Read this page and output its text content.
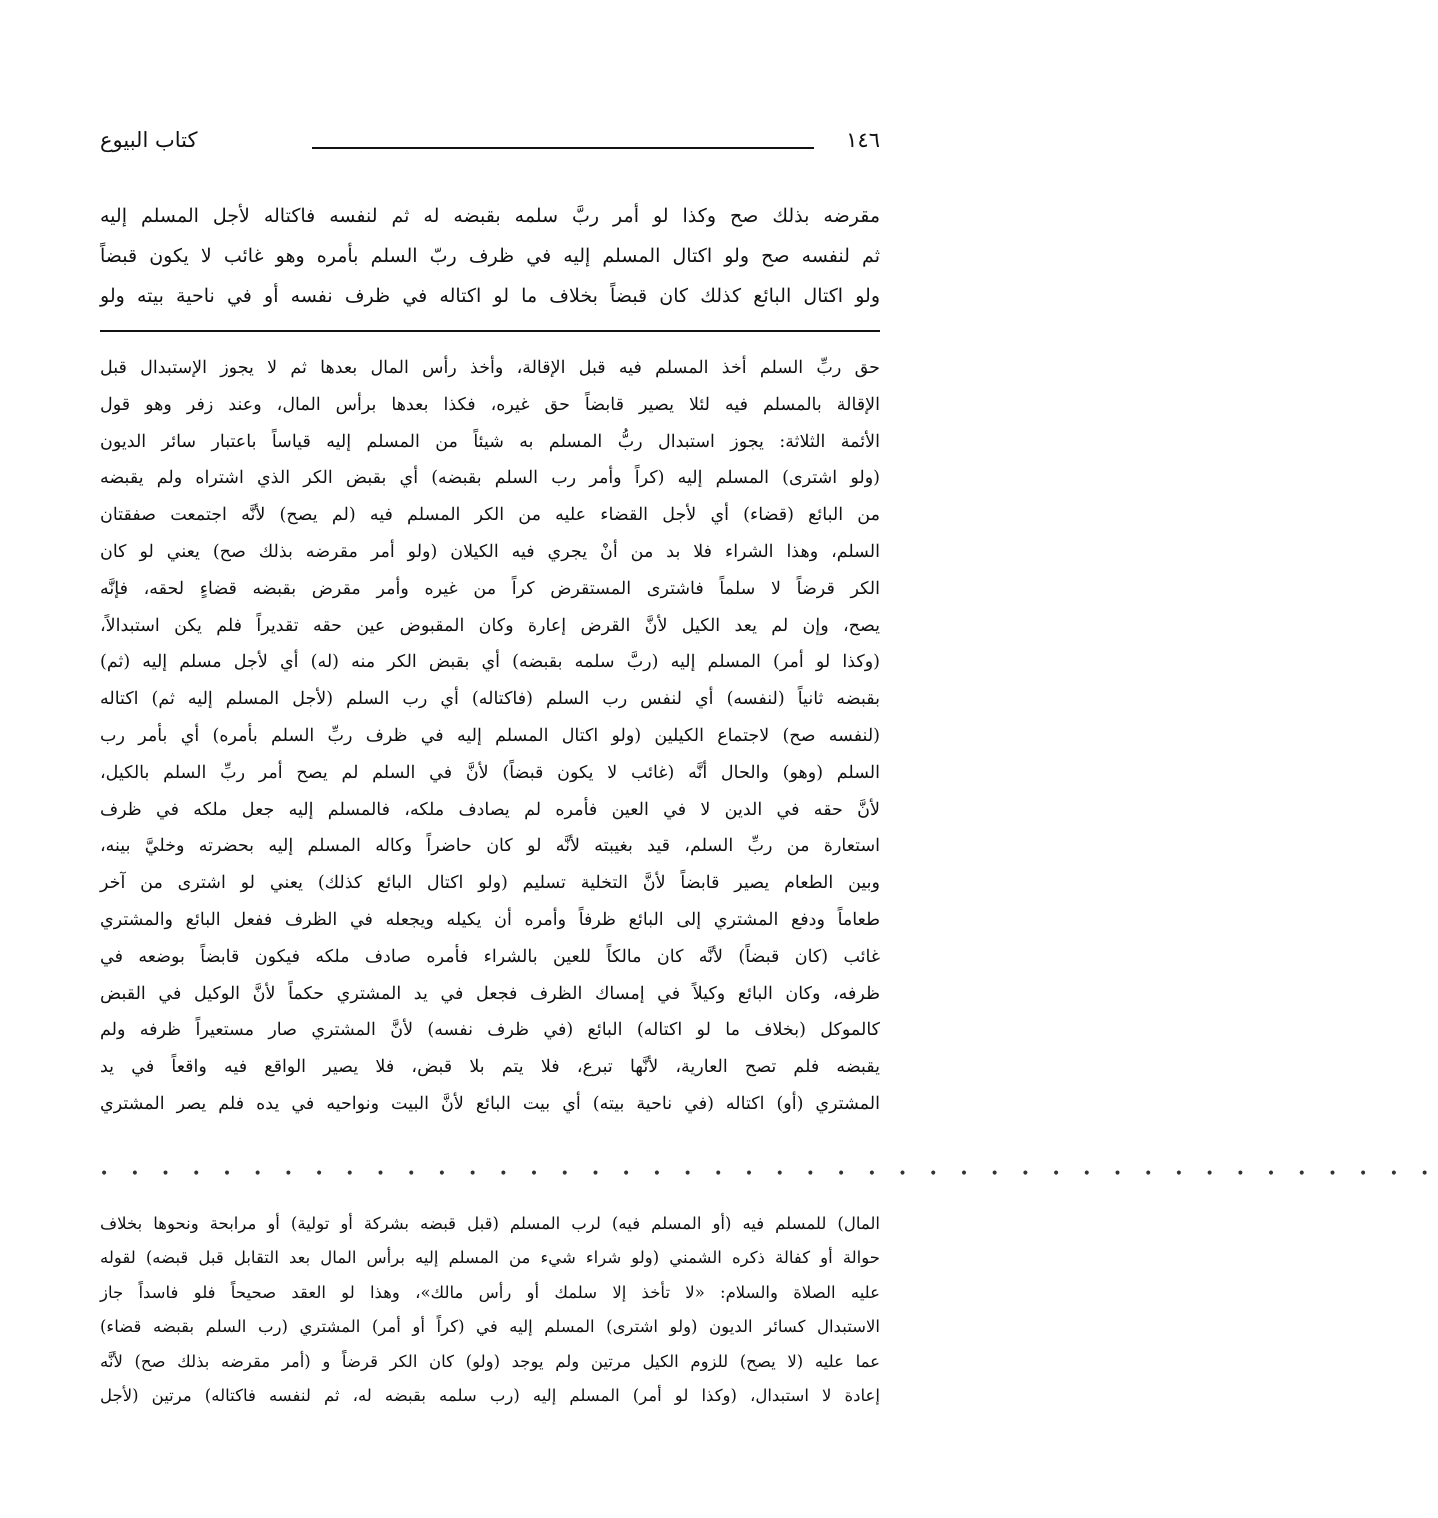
كتاب البيوع	١٤٦
مقرضه بذلك صح وكذا لو أمر ربَّ سلمه بقبضه له ثم لنفسه فاكتاله لأجل المسلم إليه
ثم لنفسه صح ولو اكتال المسلم إليه في ظرف ربّ السلم بأمره وهو غائب لا يكون قبضاً
ولو اكتال البائع كذلك كان قبضاً بخلاف ما لو اكتاله في ظرف نفسه أو في ناحية بيته ولو
حق ربِّ السلم أخذ المسلم فيه قبل الإقالة، وأخذ رأس المال بعدها ثم لا يجوز الإستبدال قبل
الإقالة بالمسلم فيه لئلا يصير قابضاً حق غيره، فكذا بعدها برأس المال، وعند زفر وهو قول
الأئمة الثلاثة: يجوز استبدال ربُّ المسلم به شيئاً من المسلم إليه قياساً باعتبار سائر الديون
(ولو اشترى) المسلم إليه (كراً وأمر رب السلم بقبضه) أي بقبض الكر الذي اشتراه ولم يقبضه
من البائع (قضاء) أي لأجل القضاء عليه من الكر المسلم فيه (لم يصح) لأنَّه اجتمعت صفقتان
السلم، وهذا الشراء فلا بد من أنْ يجري فيه الكيلان (ولو أمر مقرضه بذلك صح) يعني لو كان
الكر قرضاً لا سلماً فاشترى المستقرض كراً من غيره وأمر مقرض بقبضه قضاءٍ لحقه، فإنَّه
يصح، وإن لم يعد الكيل لأنَّ القرض إعارة وكان المقبوض عين حقه تقديراً فلم يكن استبدالاً،
(وكذا لو أمر) المسلم إليه (ربَّ سلمه بقبضه) أي بقبض الكر منه (له) أي لأجل مسلم إليه (ثم)
بقبضه ثانياً (لنفسه) أي لنفس رب السلم (فاكتاله) أي رب السلم (لأجل المسلم إليه ثم) اكتاله
(لنفسه صح) لاجتماع الكيلين (ولو اكتال المسلم إليه في ظرف ربِّ السلم بأمره) أي بأمر رب
السلم (وهو) والحال أنَّه (غائب لا يكون قبضاً) لأنَّ في السلم لم يصح أمر ربِّ السلم بالكيل،
لأنَّ حقه في الدين لا في العين فأمره لم يصادف ملكه، فالمسلم إليه جعل ملكه في ظرف
استعارة من ربِّ السلم، قيد بغيبته لأنَّه لو كان حاضراً وكاله المسلم إليه بحضرته وخليَّ بينه،
وبين الطعام يصير قابضاً لأنَّ التخلية تسليم (ولو اكتال البائع كذلك) يعني لو اشترى من آخر
طعاماً ودفع المشتري إلى البائع ظرفاً وأمره أن يكيله ويجعله في الظرف ففعل البائع والمشتري
غائب (كان قبضاً) لأنَّه كان مالكاً للعين بالشراء فأمره صادف ملكه فيكون قابضاً بوضعه في
ظرفه، وكان البائع وكيلاً في إمساك الظرف فجعل في يد المشتري حكماً لأنَّ الوكيل في القبض
كالموكل (بخلاف ما لو اكتاله) البائع (في ظرف نفسه) لأنَّ المشتري صار مستعيراً ظرفه ولم
يقبضه فلم تصح العارية، لأنَّها تبرع، فلا يتم بلا قبض، فلا يصير الواقع فيه واقعاً في يد
المشتري (أو) اكتاله (في ناحية بيته) أي بيت البائع لأنَّ البيت ونواحيه في يده فلم يصر المشتري
• • • • • • • • • • • • • • • • • • • • • • • • • • • • • • • • • • • • • • • • • • • •
المال) للمسلم فيه (أو المسلم فيه) لرب المسلم (قبل قبضه بشركة أو تولية) أو مرابحة ونحوها بخلاف
حوالة أو كفالة ذكره الشمني (ولو شراء شيء من المسلم إليه برأس المال بعد التقابل قبل قبضه) لقوله
عليه الصلاة والسلام: «لا تأخذ إلا سلمك أو رأس مالك»، وهذا لو العقد صحيحاً فلو فاسداً جاز
الاستبدال كسائر الديون (ولو اشترى) المسلم إليه في (كراً أو أمر) المشتري (رب السلم بقبضه قضاء)
عما عليه (لا يصح) للزوم الكيل مرتين ولم يوجد (ولو) كان الكر قرضاً و (أمر مقرضه بذلك صح) لأنَّه
إعادة لا استبدال، (وكذا لو أمر) المسلم إليه (رب سلمه بقبضه له، ثم لنفسه فاكتاله) مرتين (لأجل
